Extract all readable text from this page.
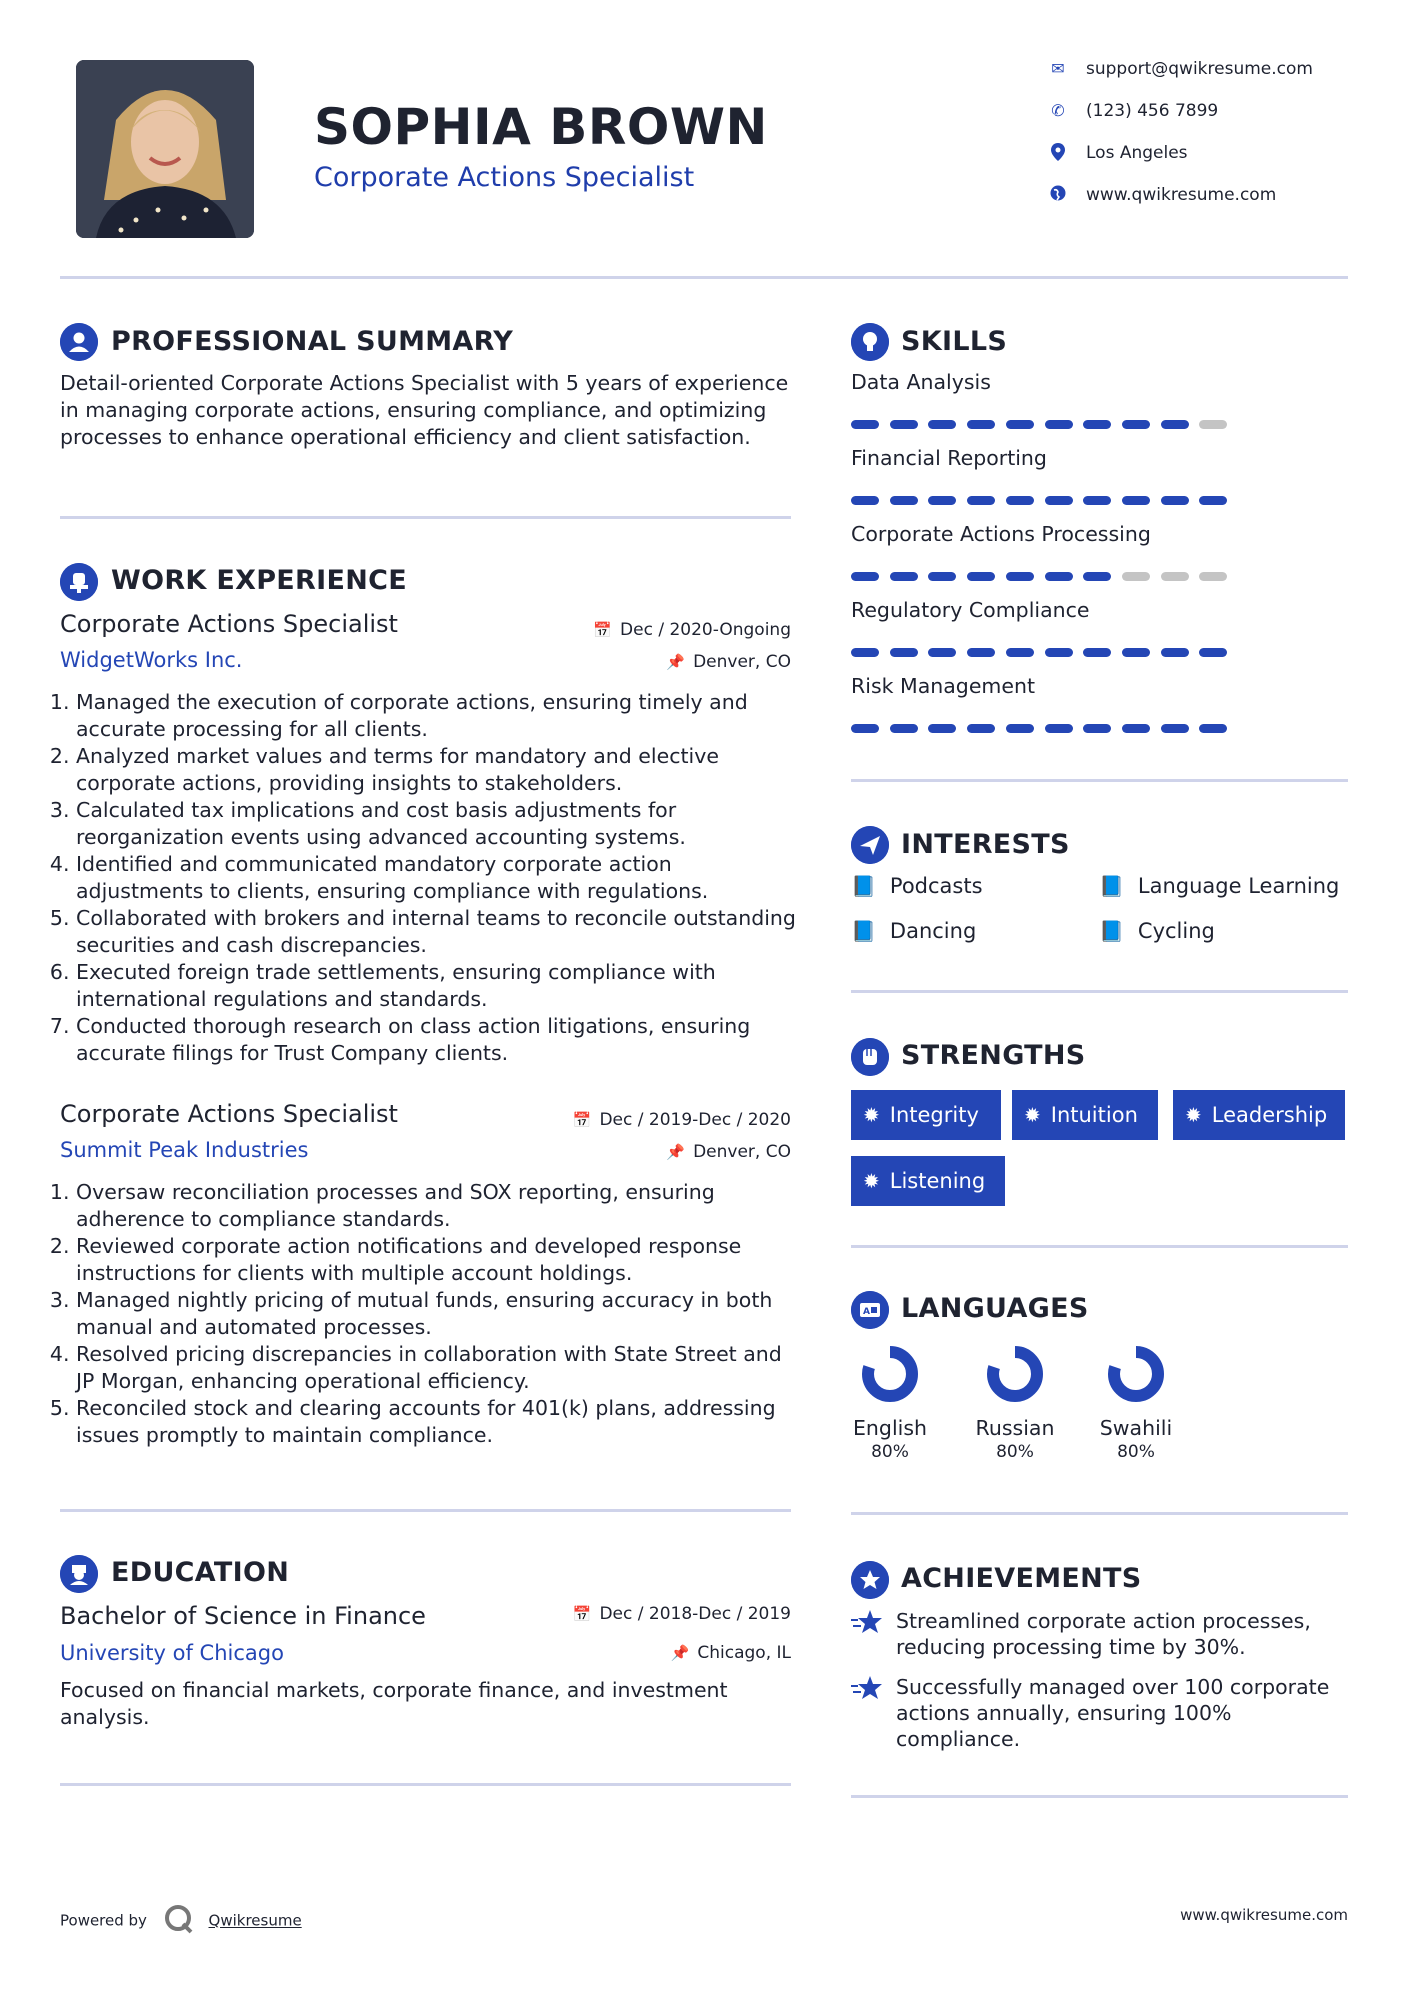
SOPHIA BROWN
Corporate Actions Specialist
✉ support@qwikresume.com
✆ (123) 456 7899
Los Angeles
www.qwikresume.com
PROFESSIONAL SUMMARY
Detail-oriented Corporate Actions Specialist with 5 years of experience in managing corporate actions, ensuring compliance, and optimizing processes to enhance operational efficiency and client satisfaction.
WORK EXPERIENCE
Corporate Actions Specialist	📅 Dec / 2020-Ongoing
WidgetWorks Inc.	📌 Denver, CO
1. Managed the execution of corporate actions, ensuring timely and accurate processing for all clients.
2. Analyzed market values and terms for mandatory and elective corporate actions, providing insights to stakeholders.
3. Calculated tax implications and cost basis adjustments for reorganization events using advanced accounting systems.
4. Identified and communicated mandatory corporate action adjustments to clients, ensuring compliance with regulations.
5. Collaborated with brokers and internal teams to reconcile outstanding securities and cash discrepancies.
6. Executed foreign trade settlements, ensuring compliance with international regulations and standards.
7. Conducted thorough research on class action litigations, ensuring accurate filings for Trust Company clients.
Corporate Actions Specialist	📅 Dec / 2019-Dec / 2020
Summit Peak Industries	📌 Denver, CO
1. Oversaw reconciliation processes and SOX reporting, ensuring adherence to compliance standards.
2. Reviewed corporate action notifications and developed response instructions for clients with multiple account holdings.
3. Managed nightly pricing of mutual funds, ensuring accuracy in both manual and automated processes.
4. Resolved pricing discrepancies in collaboration with State Street and JP Morgan, enhancing operational efficiency.
5. Reconciled stock and clearing accounts for 401(k) plans, addressing issues promptly to maintain compliance.
EDUCATION
Bachelor of Science in Finance	📅 Dec / 2018-Dec / 2019
University of Chicago	📌 Chicago, IL
Focused on financial markets, corporate finance, and investment analysis.
SKILLS
Data Analysis
Financial Reporting
Corporate Actions Processing
Regulatory Compliance
Risk Management
INTERESTS
📘 Podcasts	📘 Language Learning
📘 Dancing	📘 Cycling
STRENGTHS
✹ Integrity	✹ Intuition	✹ Leadership
✹ Listening
A LANGUAGES
English
80%
Russian
80%
Swahili
80%
ACHIEVEMENTS
Streamlined corporate action processes, reducing processing time by 30%.
Successfully managed over 100 corporate actions annually, ensuring 100% compliance.
Powered by	Qwikresume	www.qwikresume.com
